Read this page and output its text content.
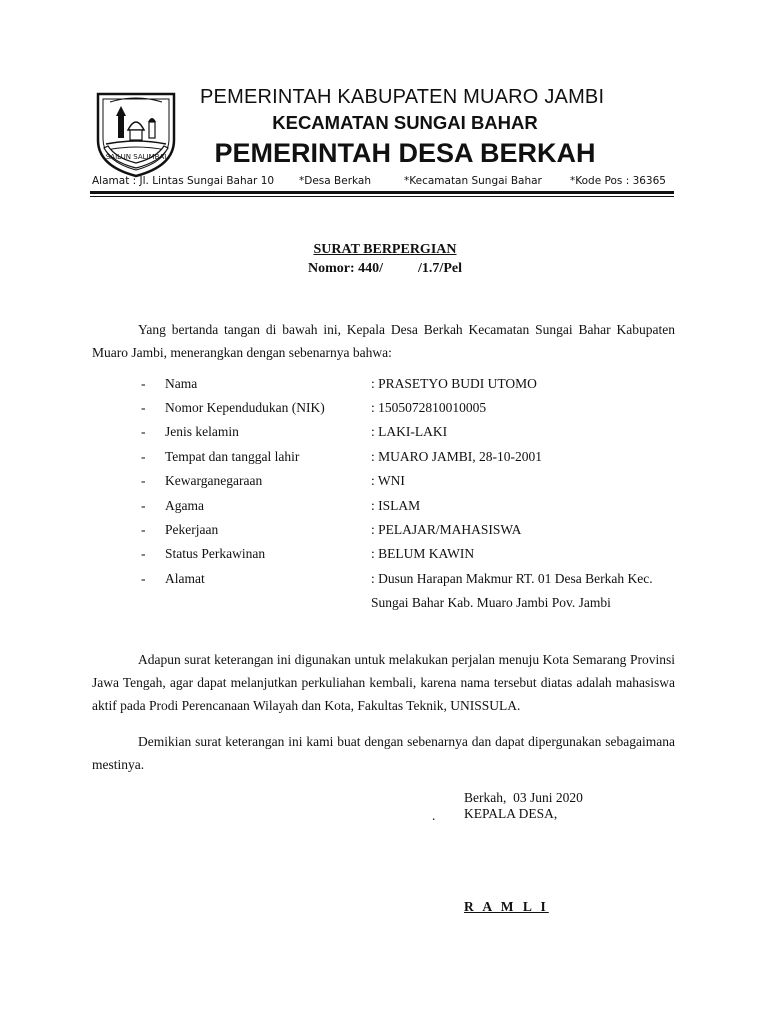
SAILUN SALIMBAI
PEMERINTAH KABUPATEN MUARO JAMBI
KECAMATAN SUNGAI BAHAR
PEMERINTAH DESA BERKAH
Alamat : Jl. Lintas Sungai Bahar 10 *Desa Berkah	*Kecamatan Sungai Bahar	*Kode Pos : 36365
SURAT BERPERGIAN
Nomor: 440/          /1.7/Pel
Yang bertanda tangan di bawah ini, Kepala Desa Berkah Kecamatan Sungai Bahar Kabupaten Muaro Jambi, menerangkan dengan sebenarnya bahwa:
- Nama	: PRASETYO BUDI UTOMO
- Nomor Kependudukan (NIK)	: 1505072810010005
- Jenis kelamin	: LAKI-LAKI
- Tempat dan tanggal lahir	: MUARO JAMBI, 28-10-2001
- Kewarganegaraan	: WNI
- Agama	: ISLAM
- Pekerjaan	: PELAJAR/MAHASISWA
- Status Perkawinan	: BELUM KAWIN
- Alamat	: Dusun Harapan Makmur RT. 01 Desa Berkah Kec.
Sungai Bahar Kab. Muaro Jambi Pov. Jambi
Adapun surat keterangan ini digunakan untuk melakukan perjalan menuju Kota Semarang Provinsi Jawa Tengah, agar dapat melanjutkan perkuliahan kembali, karena nama tersebut diatas adalah mahasiswa aktif pada Prodi Perencanaan Wilayah dan Kota, Fakultas Teknik, UNISSULA.
Demikian surat keterangan ini kami buat dengan sebenarnya dan dapat dipergunakan sebagaimana mestinya.
Berkah,  03 Juni 2020
. KEPALA DESA,
R A M L I
